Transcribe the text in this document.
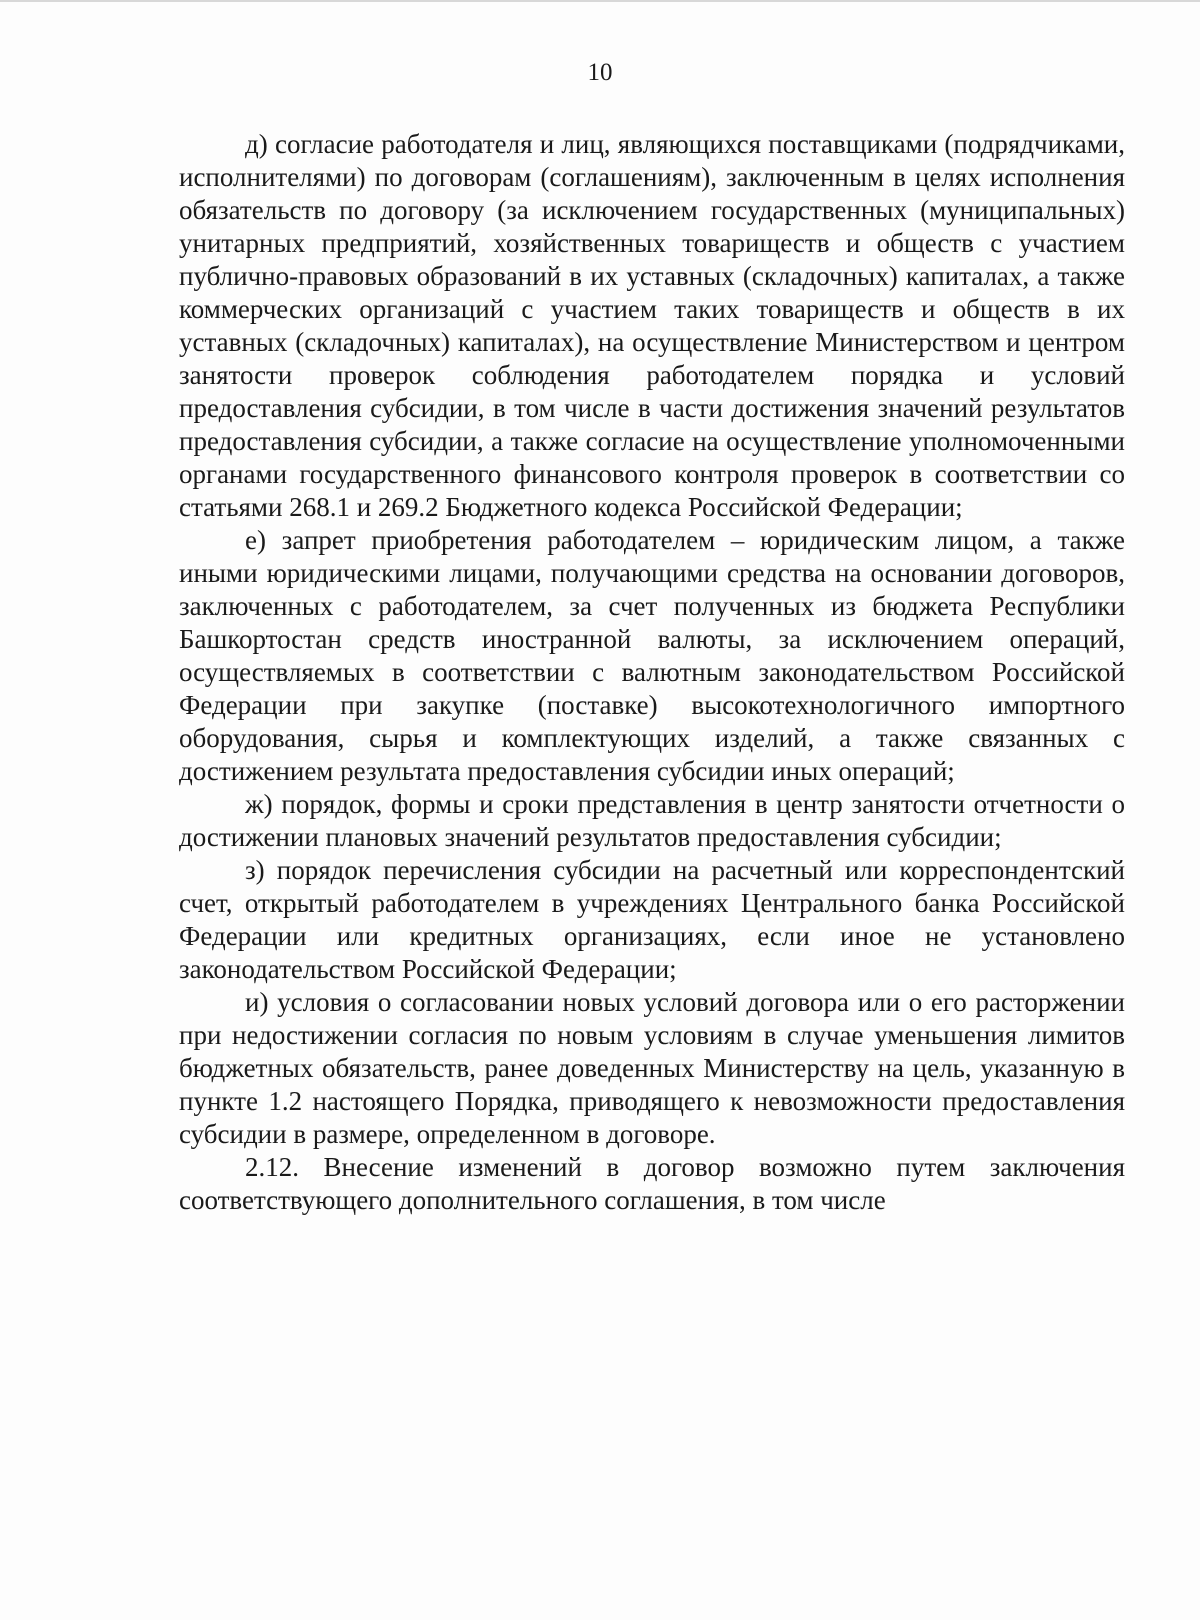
10

д) согласие работодателя и лиц, являющихся поставщиками (подрядчиками, исполнителями) по договорам (соглашениям), заключенным в целях исполнения обязательств по договору (за исключением государственных (муниципальных) унитарных предприятий, хозяйственных товариществ и обществ с участием публично-правовых образований в их уставных (складочных) капиталах, а также коммерческих организаций с участием таких товариществ и обществ в их уставных (складочных) капиталах), на осуществление Министерством и центром занятости проверок соблюдения работодателем порядка и условий предоставления субсидии, в том числе в части достижения значений результатов предоставления субсидии, а также согласие на осуществление уполномоченными органами государственного финансового контроля проверок в соответствии со статьями 268.1 и 269.2 Бюджетного кодекса Российской Федерации;

е) запрет приобретения работодателем – юридическим лицом, а также иными юридическими лицами, получающими средства на основании договоров, заключенных с работодателем, за счет полученных из бюджета Республики Башкортостан средств иностранной валюты, за исключением операций, осуществляемых в соответствии с валютным законодательством Российской Федерации при закупке (поставке) высокотехнологичного импортного оборудования, сырья и комплектующих изделий, а также связанных с достижением результата предоставления субсидии иных операций;

ж) порядок, формы и сроки представления в центр занятости отчетности о достижении плановых значений результатов предоставления субсидии;

з) порядок перечисления субсидии на расчетный или корреспондентский счет, открытый работодателем в учреждениях Центрального банка Российской Федерации или кредитных организациях, если иное не установлено законодательством Российской Федерации;

и) условия о согласовании новых условий договора или о его расторжении при недостижении согласия по новым условиям в случае уменьшения лимитов бюджетных обязательств, ранее доведенных Министерству на цель, указанную в пункте 1.2 настоящего Порядка, приводящего к невозможности предоставления субсидии в размере, определенном в договоре.

2.12. Внесение изменений в договор возможно путем заключения соответствующего дополнительного соглашения, в том числе
